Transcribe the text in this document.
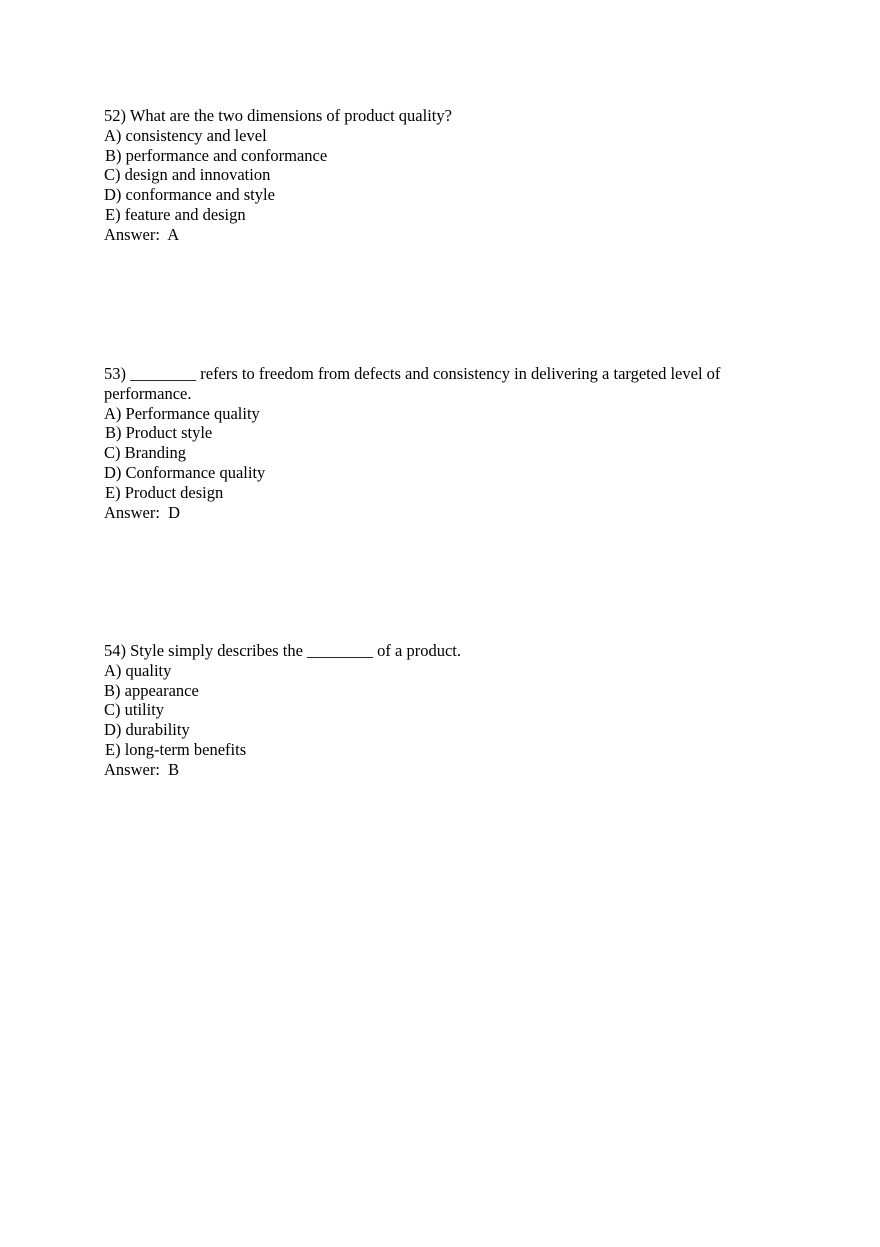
52) What are the two dimensions of product quality?
A) consistency and level
B) performance and conformance
C) design and innovation
D) conformance and style
E) feature and design
Answer:  A
53) ________ refers to freedom from defects and consistency in delivering a targeted level of performance.
A) Performance quality
B) Product style
C) Branding
D) Conformance quality
E) Product design
Answer:  D
54) Style simply describes the ________ of a product.
A) quality
B) appearance
C) utility
D) durability
E) long-term benefits
Answer:  B
